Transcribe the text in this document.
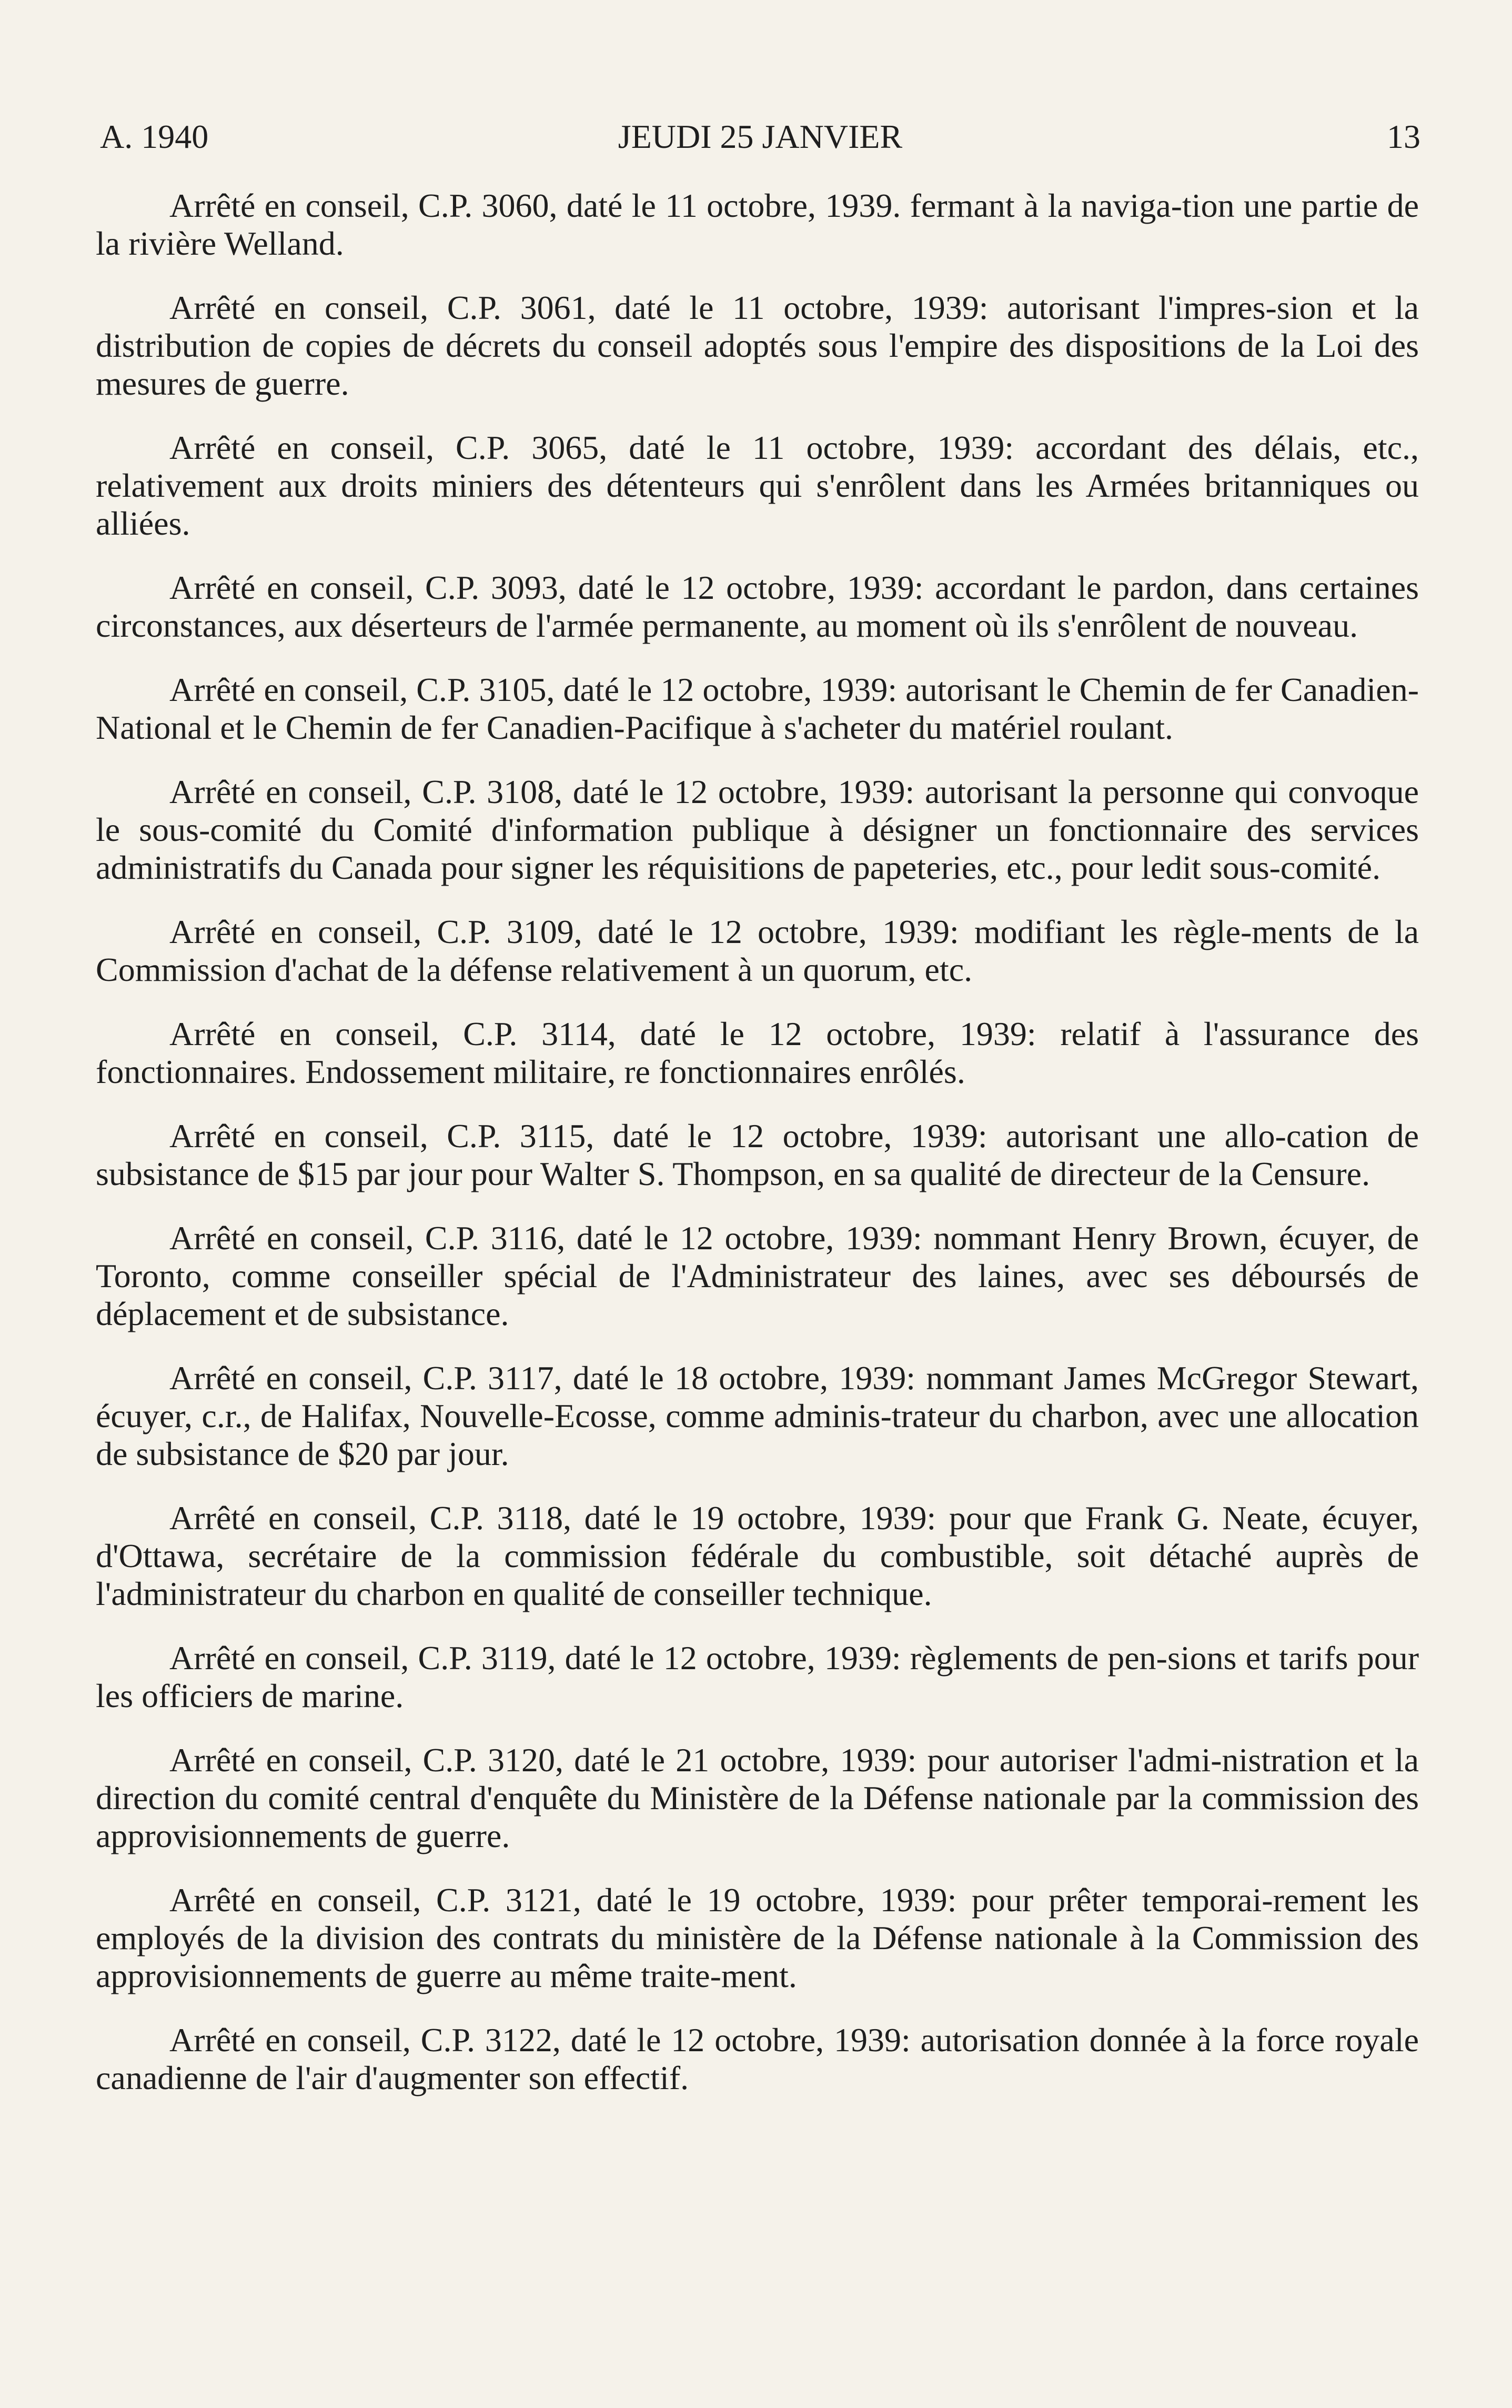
A. 1940	JEUDI 25 JANVIER	13

Arrêté en conseil, C.P. 3060, daté le 11 octobre, 1939. fermant à la naviga-tion une partie de la rivière Welland.

Arrêté en conseil, C.P. 3061, daté le 11 octobre, 1939: autorisant l'impres-sion et la distribution de copies de décrets du conseil adoptés sous l'empire des dispositions de la Loi des mesures de guerre.

Arrêté en conseil, C.P. 3065, daté le 11 octobre, 1939: accordant des délais, etc., relativement aux droits miniers des détenteurs qui s'enrôlent dans les Armées britanniques ou alliées.

Arrêté en conseil, C.P. 3093, daté le 12 octobre, 1939: accordant le pardon, dans certaines circonstances, aux déserteurs de l'armée permanente, au moment où ils s'enrôlent de nouveau.

Arrêté en conseil, C.P. 3105, daté le 12 octobre, 1939: autorisant le Chemin de fer Canadien-National et le Chemin de fer Canadien-Pacifique à s'acheter du matériel roulant.

Arrêté en conseil, C.P. 3108, daté le 12 octobre, 1939: autorisant la personne qui convoque le sous-comité du Comité d'information publique à désigner un fonctionnaire des services administratifs du Canada pour signer les réquisitions de papeteries, etc., pour ledit sous-comité.

Arrêté en conseil, C.P. 3109, daté le 12 octobre, 1939: modifiant les règle-ments de la Commission d'achat de la défense relativement à un quorum, etc.

Arrêté en conseil, C.P. 3114, daté le 12 octobre, 1939: relatif à l'assurance des fonctionnaires. Endossement militaire, re fonctionnaires enrôlés.

Arrêté en conseil, C.P. 3115, daté le 12 octobre, 1939: autorisant une allo-cation de subsistance de $15 par jour pour Walter S. Thompson, en sa qualité de directeur de la Censure.

Arrêté en conseil, C.P. 3116, daté le 12 octobre, 1939: nommant Henry Brown, écuyer, de Toronto, comme conseiller spécial de l'Administrateur des laines, avec ses déboursés de déplacement et de subsistance.

Arrêté en conseil, C.P. 3117, daté le 18 octobre, 1939: nommant James McGregor Stewart, écuyer, c.r., de Halifax, Nouvelle-Ecosse, comme adminis-trateur du charbon, avec une allocation de subsistance de $20 par jour.

Arrêté en conseil, C.P. 3118, daté le 19 octobre, 1939: pour que Frank G. Neate, écuyer, d'Ottawa, secrétaire de la commission fédérale du combustible, soit détaché auprès de l'administrateur du charbon en qualité de conseiller technique.

Arrêté en conseil, C.P. 3119, daté le 12 octobre, 1939: règlements de pen-sions et tarifs pour les officiers de marine.

Arrêté en conseil, C.P. 3120, daté le 21 octobre, 1939: pour autoriser l'admi-nistration et la direction du comité central d'enquête du Ministère de la Défense nationale par la commission des approvisionnements de guerre.

Arrêté en conseil, C.P. 3121, daté le 19 octobre, 1939: pour prêter temporai-rement les employés de la division des contrats du ministère de la Défense nationale à la Commission des approvisionnements de guerre au même traite-ment.

Arrêté en conseil, C.P. 3122, daté le 12 octobre, 1939: autorisation donnée à la force royale canadienne de l'air d'augmenter son effectif.
